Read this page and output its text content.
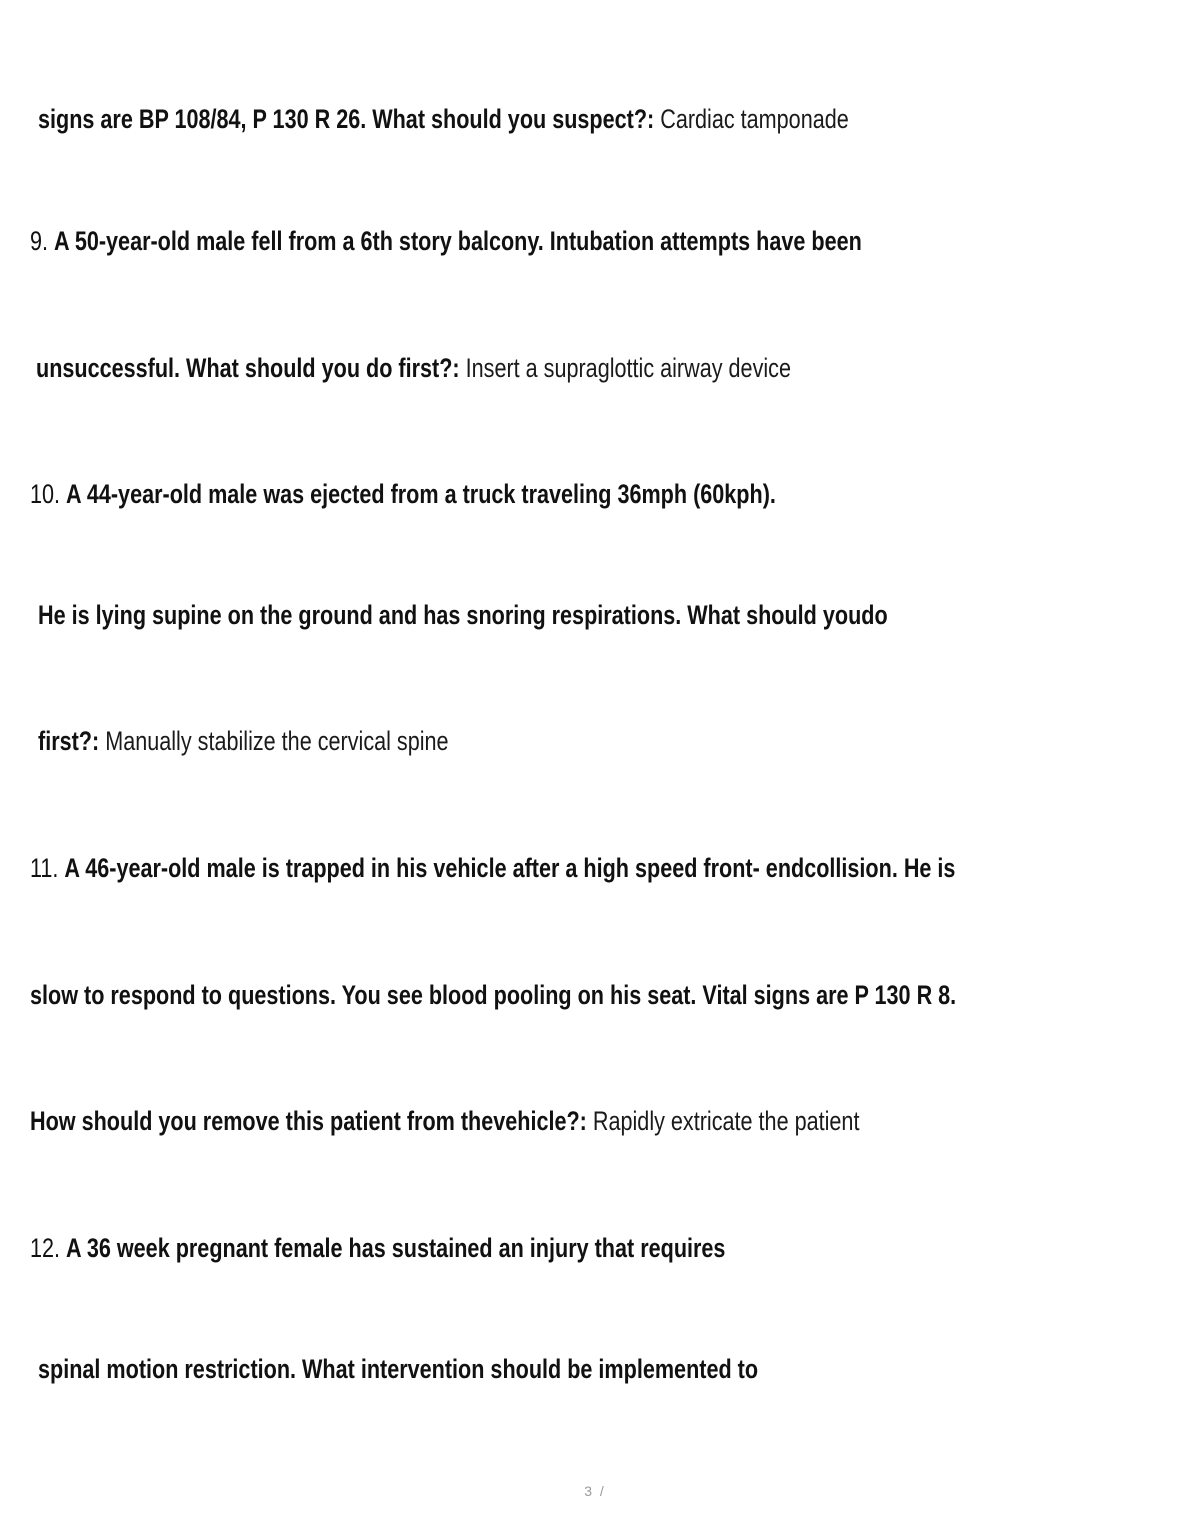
signs are BP 108/84, P 130 R 26. What should you suspect?: Cardiac tamponade
9. A 50-year-old male fell from a 6th story balcony. Intubation attempts have been
unsuccessful. What should you do first?: Insert a supraglottic airway device
10. A 44-year-old male was ejected from a truck traveling 36mph (60kph).
He is lying supine on the ground and has snoring respirations. What should youdo
first?: Manually stabilize the cervical spine
11. A 46-year-old male is trapped in his vehicle after a high speed front- endcollision. He is
slow to respond to questions. You see blood pooling on his seat. Vital signs are P 130 R 8.
How should you remove this patient from thevehicle?: Rapidly extricate the patient
12. A 36 week pregnant female has sustained an injury that requires
spinal motion restriction. What intervention should be implemented to
3 /
